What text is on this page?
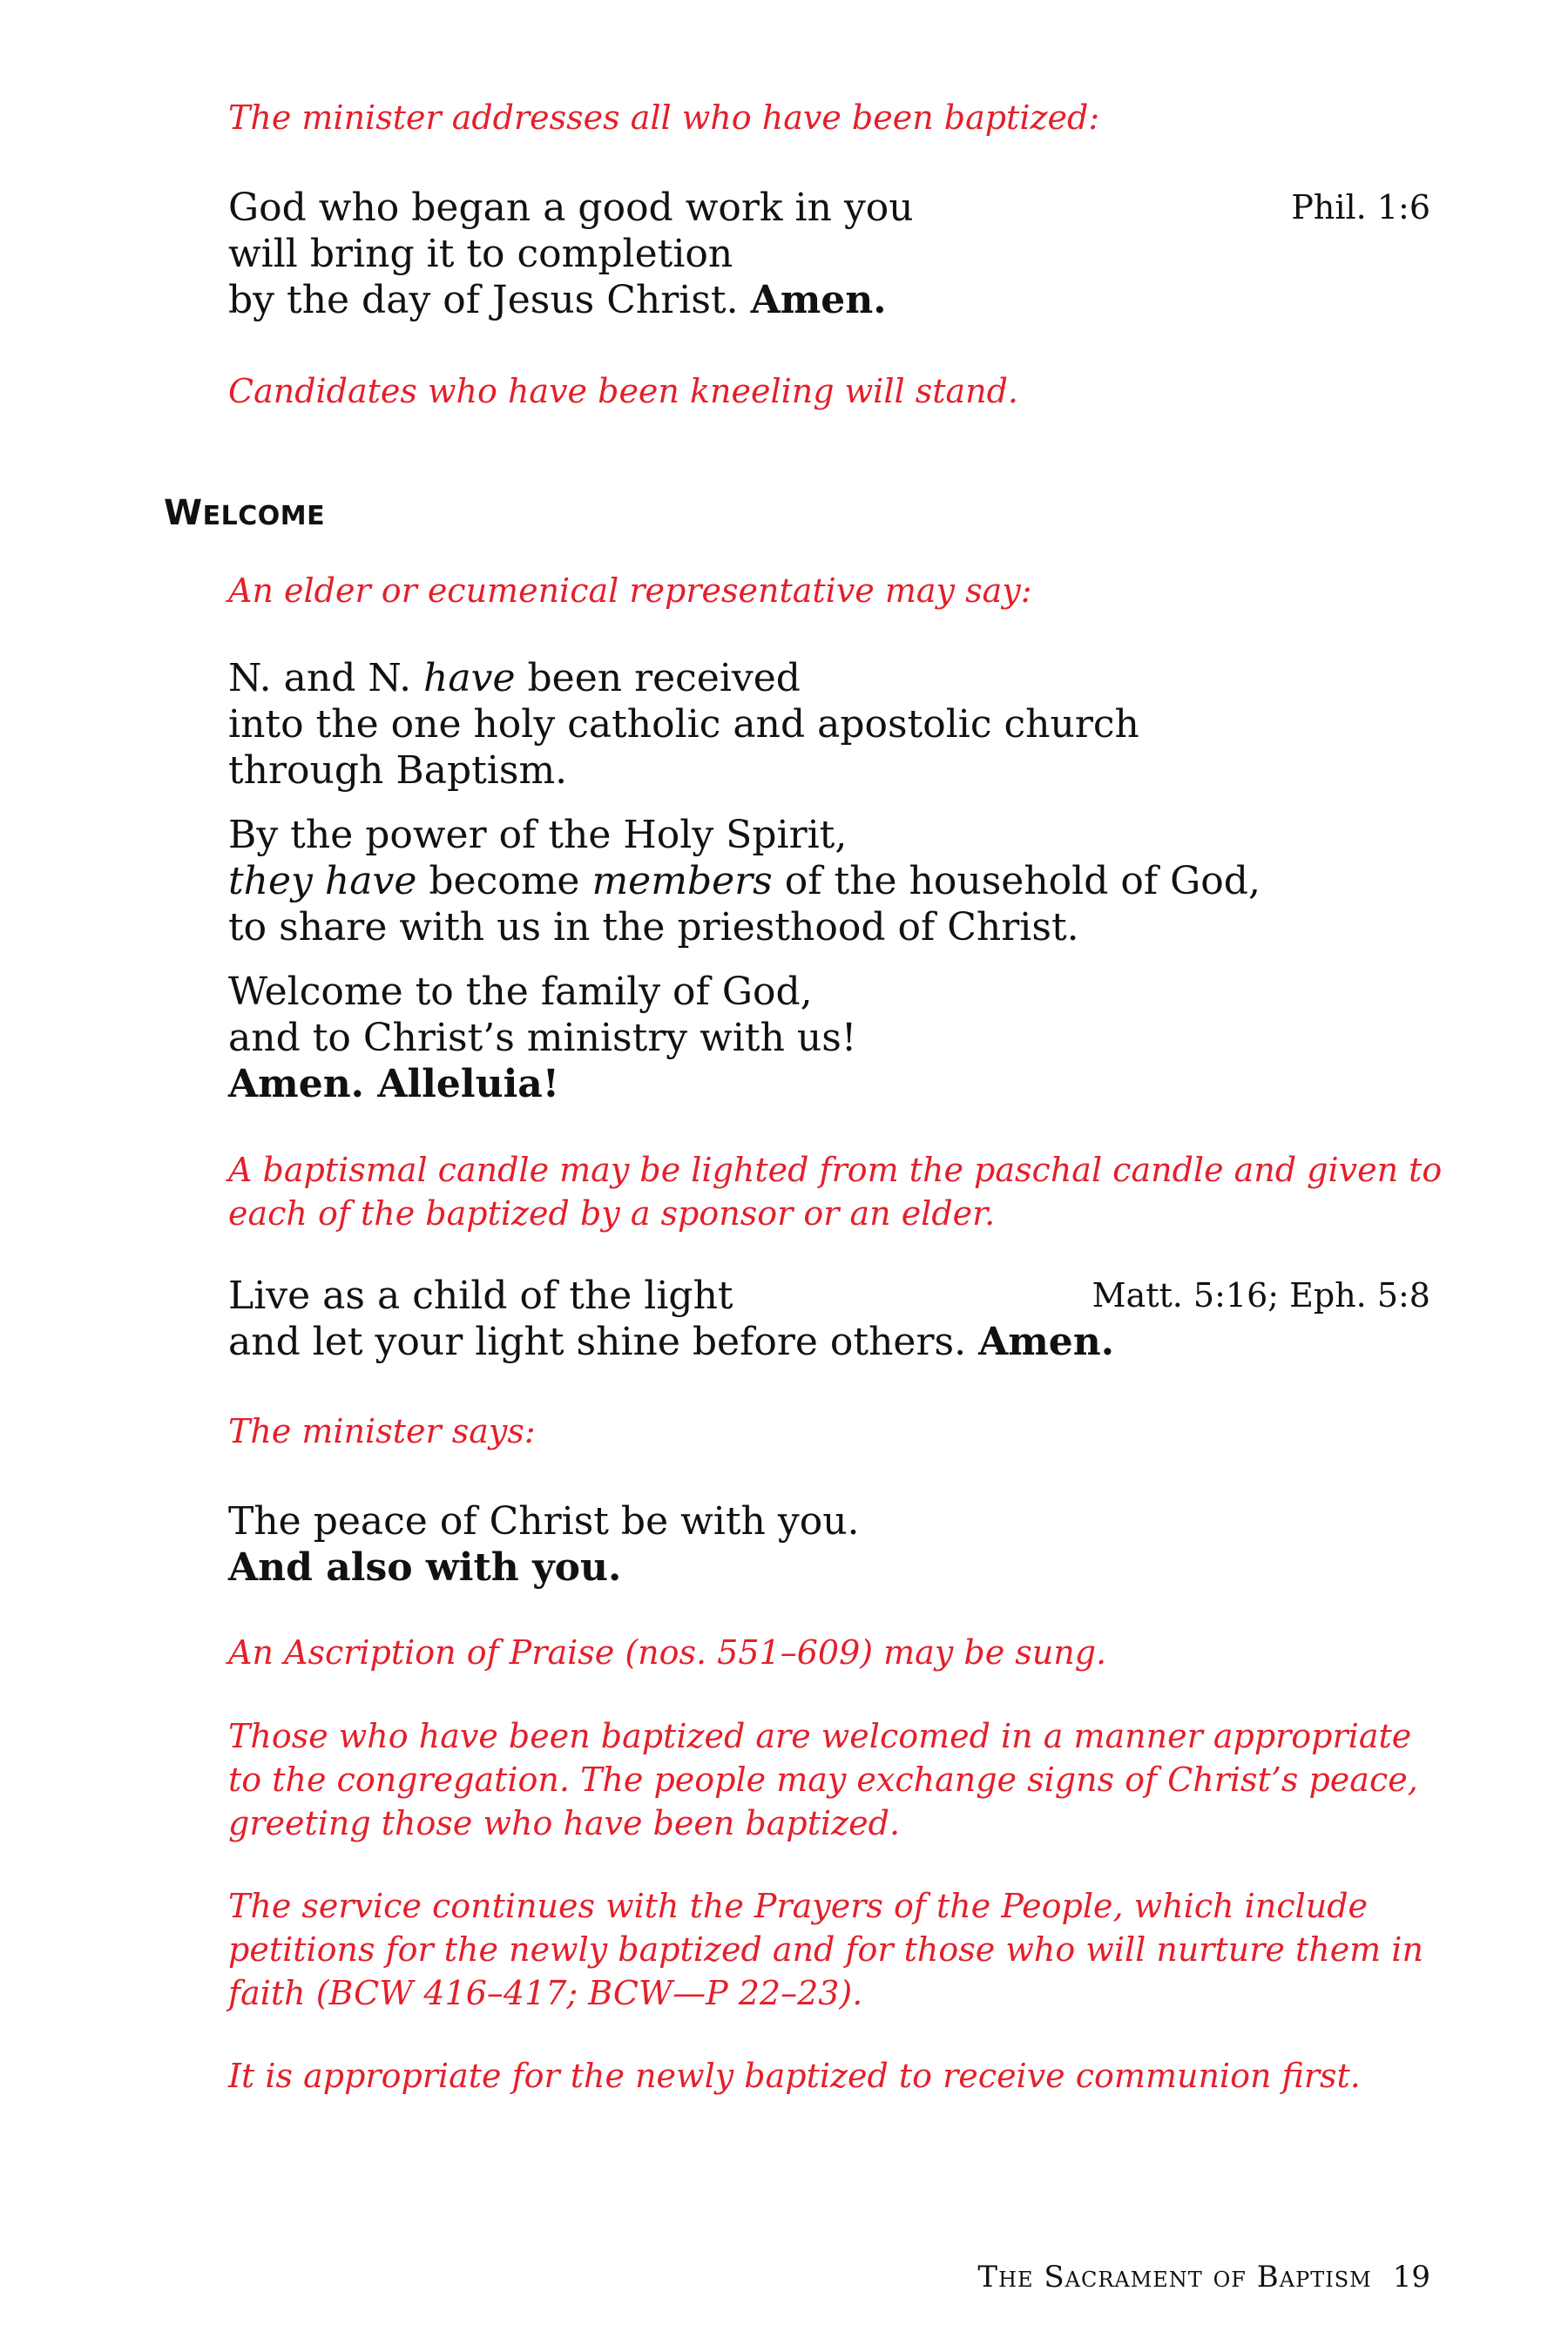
The minister addresses all who have been baptized:
God who began a good work in you	Phil. 1:6
will bring it to completion
by the day of Jesus Christ. Amen.
Candidates who have been kneeling will stand.
WELCOME
An elder or ecumenical representative may say:
N. and N. have been received
into the one holy catholic and apostolic church
through Baptism.
By the power of the Holy Spirit,
they have become members of the household of God,
to share with us in the priesthood of Christ.
Welcome to the family of God,
and to Christ’s ministry with us!
Amen. Alleluia!
A baptismal candle may be lighted from the paschal candle and given to each of the baptized by a sponsor or an elder.
Live as a child of the light	Matt. 5:16; Eph. 5:8
and let your light shine before others. Amen.
The minister says:
The peace of Christ be with you.
And also with you.
An Ascription of Praise (nos. 551–609) may be sung.
Those who have been baptized are welcomed in a manner appropriate to the congregation. The people may exchange signs of Christ’s peace, greeting those who have been baptized.
The service continues with the Prayers of the People, which include petitions for the newly baptized and for those who will nurture them in faith (BCW 416–417; BCW—P 22–23).
It is appropriate for the newly baptized to receive communion first.
The Sacrament of Baptism 19
